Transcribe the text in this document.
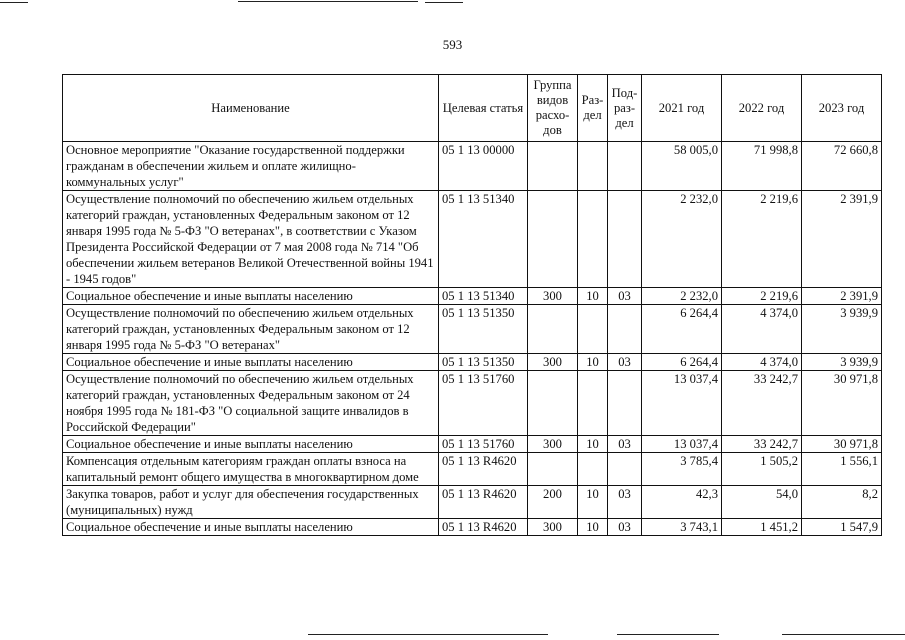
593
Наименование	Целевая статья	Группа видов расхо-дов	Раз-дел	Под-раз-дел	2021 год	2022 год	2023 год
Основное мероприятие "Оказание государственной поддержки гражданам в обеспечении жильем и оплате жилищно-коммунальных услуг"	05 1 13 00000				58 005,0	71 998,8	72 660,8
Осуществление полномочий по обеспечению жильем отдельных категорий граждан, установленных Федеральным законом от 12 января 1995 года № 5-ФЗ "О ветеранах", в соответствии с Указом Президента Российской Федерации от 7 мая 2008 года № 714 "Об обеспечении жильем ветеранов Великой Отечественной войны 1941 - 1945 годов"	05 1 13 51340				2 232,0	2 219,6	2 391,9
Социальное обеспечение и иные выплаты населению	05 1 13 51340	300	10	03	2 232,0	2 219,6	2 391,9
Осуществление полномочий по обеспечению жильем отдельных категорий граждан, установленных Федеральным законом от 12 января 1995 года № 5-ФЗ "О ветеранах"	05 1 13 51350				6 264,4	4 374,0	3 939,9
Социальное обеспечение и иные выплаты населению	05 1 13 51350	300	10	03	6 264,4	4 374,0	3 939,9
Осуществление полномочий по обеспечению жильем отдельных категорий граждан, установленных Федеральным законом от 24 ноября 1995 года № 181-ФЗ "О социальной защите инвалидов в Российской Федерации"	05 1 13 51760				13 037,4	33 242,7	30 971,8
Социальное обеспечение и иные выплаты населению	05 1 13 51760	300	10	03	13 037,4	33 242,7	30 971,8
Компенсация отдельным категориям граждан оплаты взноса на капитальный ремонт общего имущества в многоквартирном доме	05 1 13 R4620				3 785,4	1 505,2	1 556,1
Закупка товаров, работ и услуг для обеспечения государственных (муниципальных) нужд	05 1 13 R4620	200	10	03	42,3	54,0	8,2
Социальное обеспечение и иные выплаты населению	05 1 13 R4620	300	10	03	3 743,1	1 451,2	1 547,9
